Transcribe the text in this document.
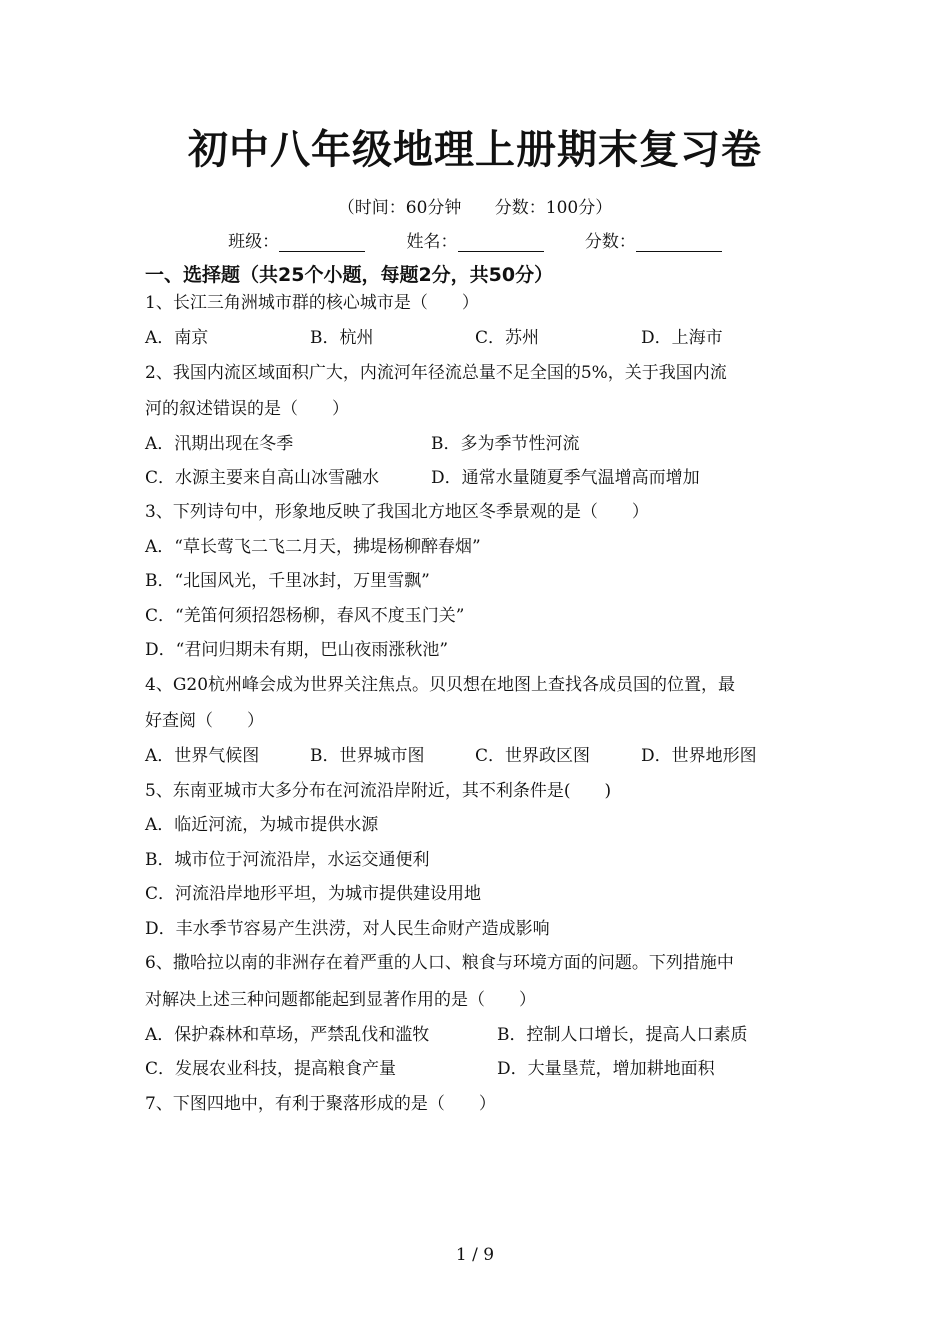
初中八年级地理上册期末复习卷
（时间：60分钟 分数：100分）
班级：	姓名：	分数：
一、选择题（共25个小题，每题2分，共50分）
1、长江三角洲城市群的核心城市是（　　）
A．南京	B．杭州	C．苏州	D．上海市
2、我国内流区域面积广大，内流河年径流总量不足全国的5%，关于我国内流
河的叙述错误的是（　　）
A．汛期出现在冬季	B．多为季节性河流
C．水源主要来自高山冰雪融水	D．通常水量随夏季气温增高而增加
3、下列诗句中，形象地反映了我国北方地区冬季景观的是（　　）
A．“草长莺飞二飞二月天，拂堤杨柳醉春烟”
B．“北国风光，千里冰封，万里雪飘”
C．“羌笛何须招怨杨柳，春风不度玉门关”
D．“君问归期未有期，巴山夜雨涨秋池”
4、G20杭州峰会成为世界关注焦点。贝贝想在地图上查找各成员国的位置，最
好查阅（　　）
A．世界气候图	B．世界城市图	C．世界政区图	D．世界地形图
5、东南亚城市大多分布在河流沿岸附近，其不利条件是(　　)
A．临近河流，为城市提供水源
B．城市位于河流沿岸，水运交通便利
C．河流沿岸地形平坦，为城市提供建设用地
D．丰水季节容易产生洪涝，对人民生命财产造成影响
6、撒哈拉以南的非洲存在着严重的人口、粮食与环境方面的问题。下列措施中
对解决上述三种问题都能起到显著作用的是（　　）
A．保护森林和草场，严禁乱伐和滥牧	B．控制人口增长，提高人口素质
C．发展农业科技，提高粮食产量	D．大量垦荒，增加耕地面积
7、下图四地中，有利于聚落形成的是（　　）
1 / 9
